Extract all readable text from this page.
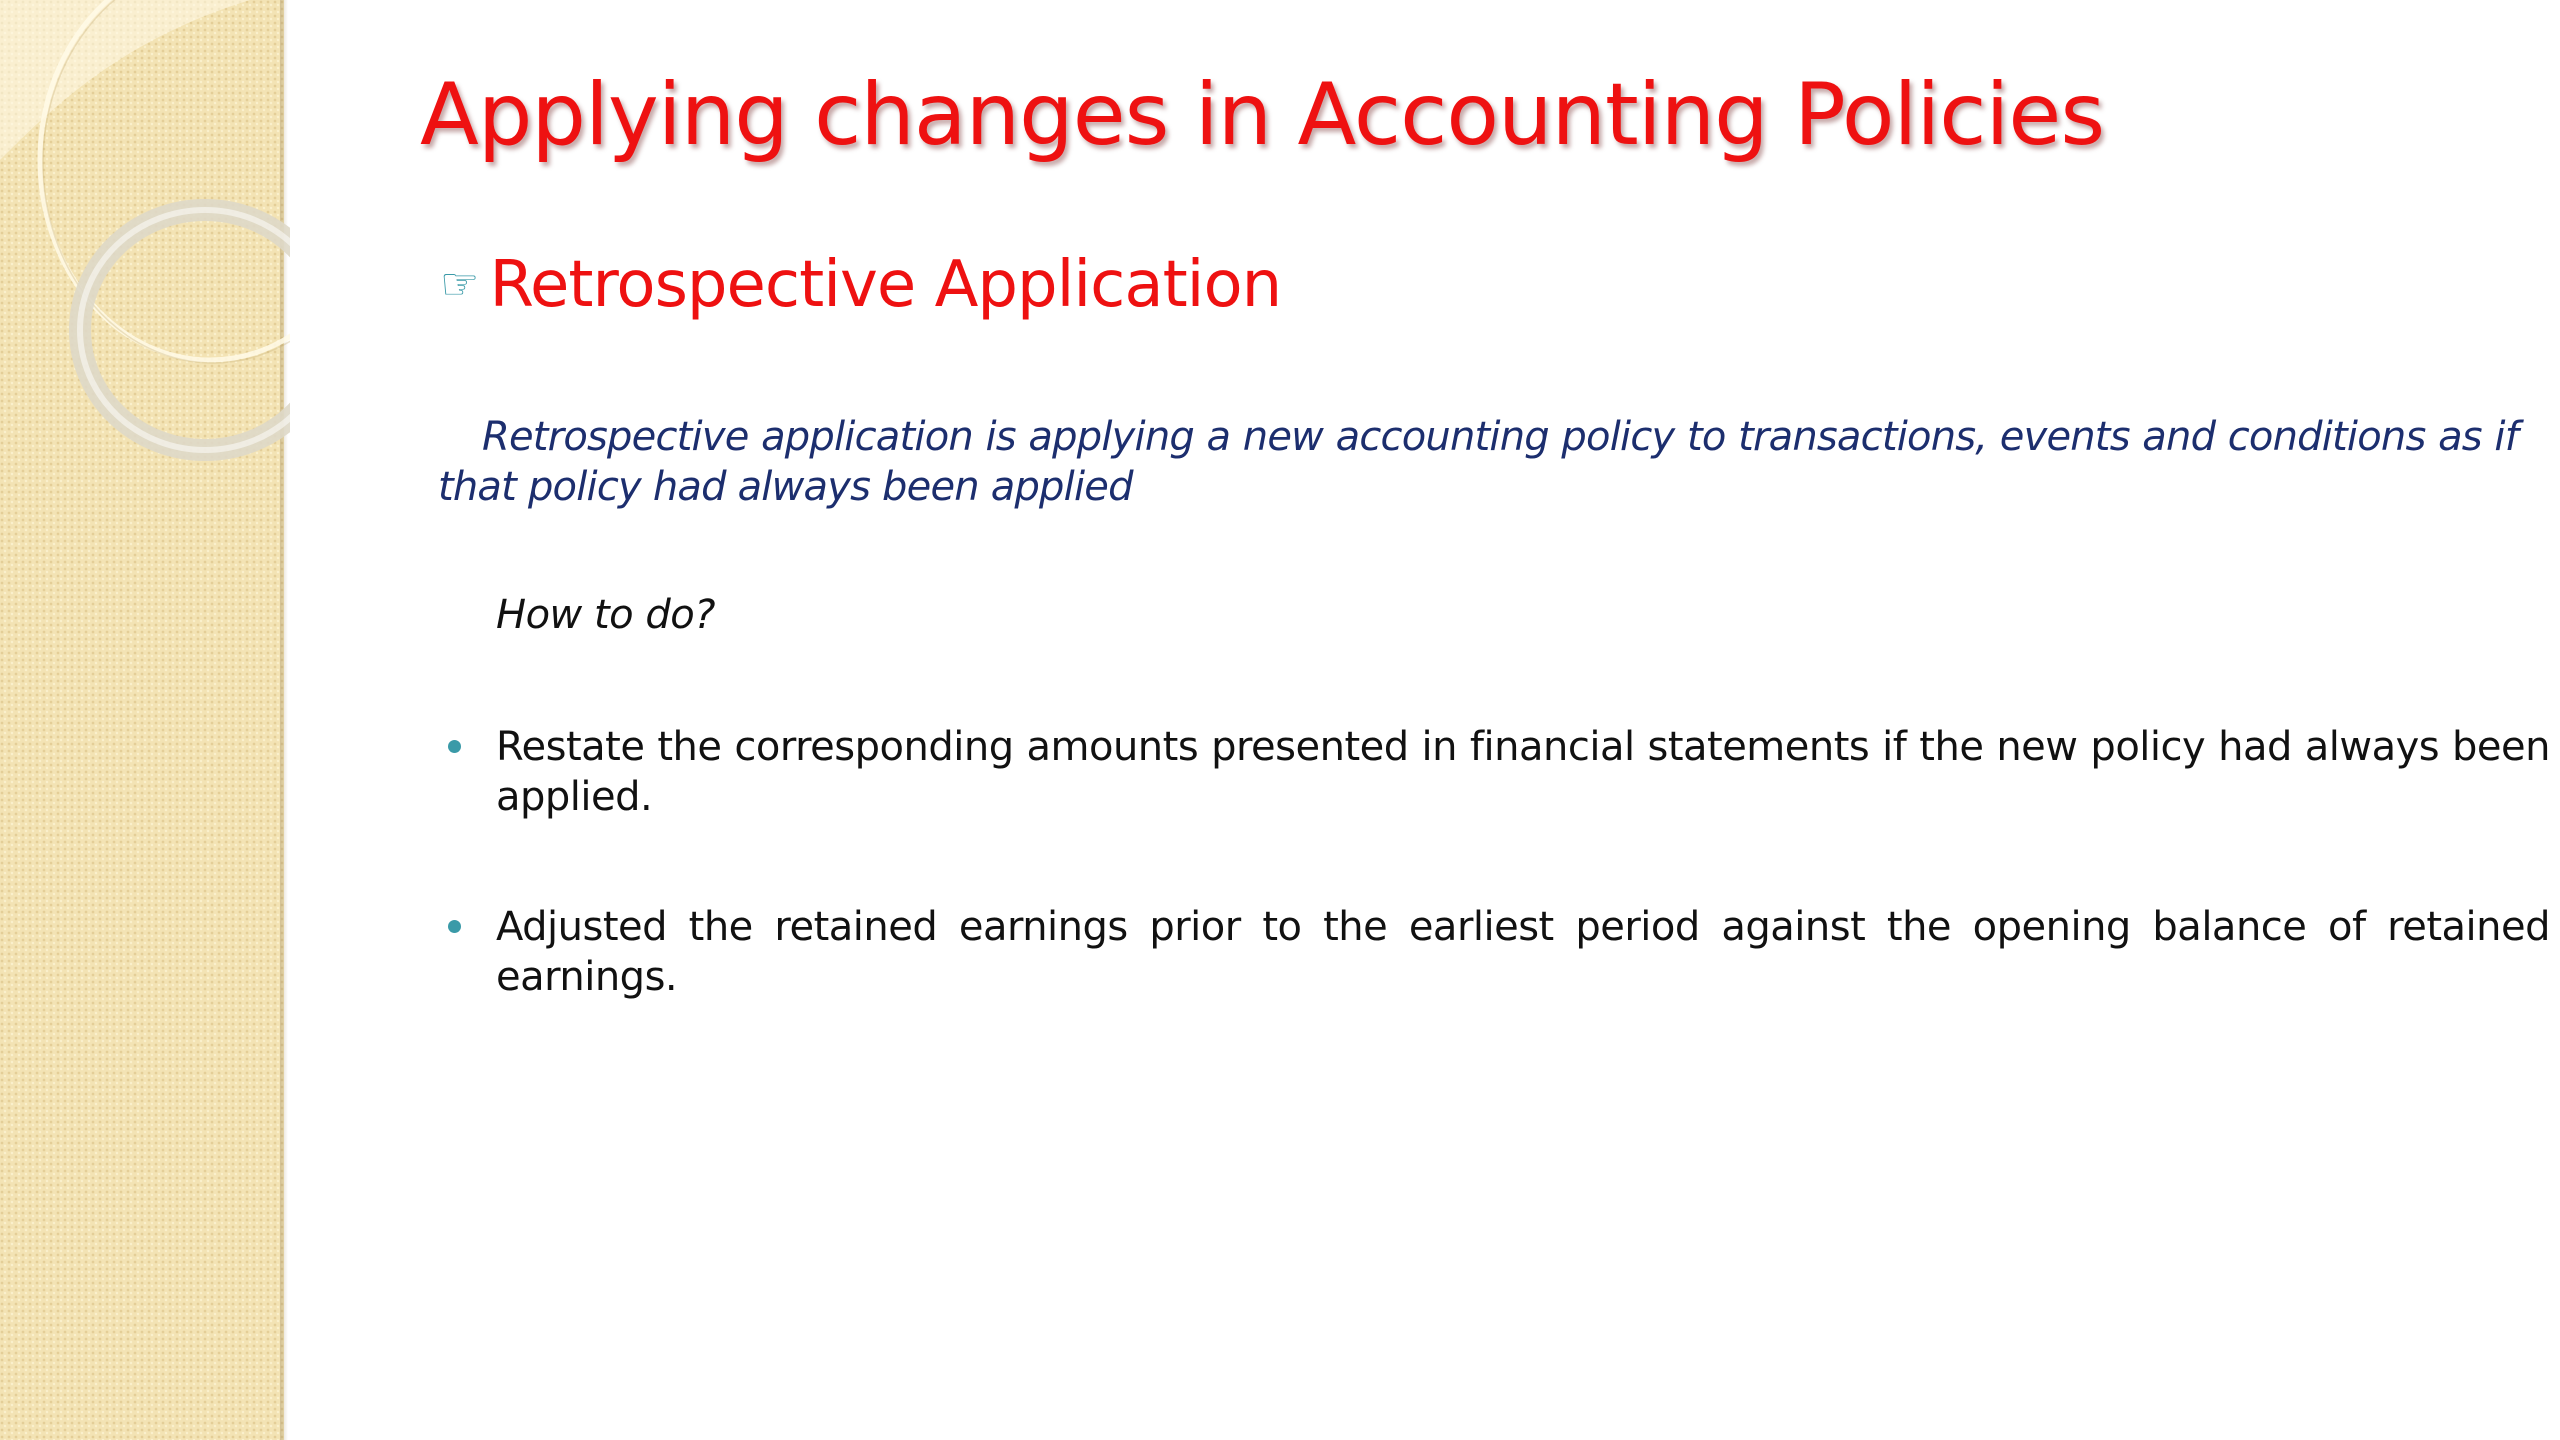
Applying changes in Accounting Policies
☞ Retrospective Application
Retrospective application is applying a new accounting policy to transactions, events and conditions as if that policy had always been applied
How to do?
Restate the corresponding amounts presented in financial statements if the new policy had always been applied.
Adjusted the retained earnings prior to the earliest period against the opening balance of retained earnings.
